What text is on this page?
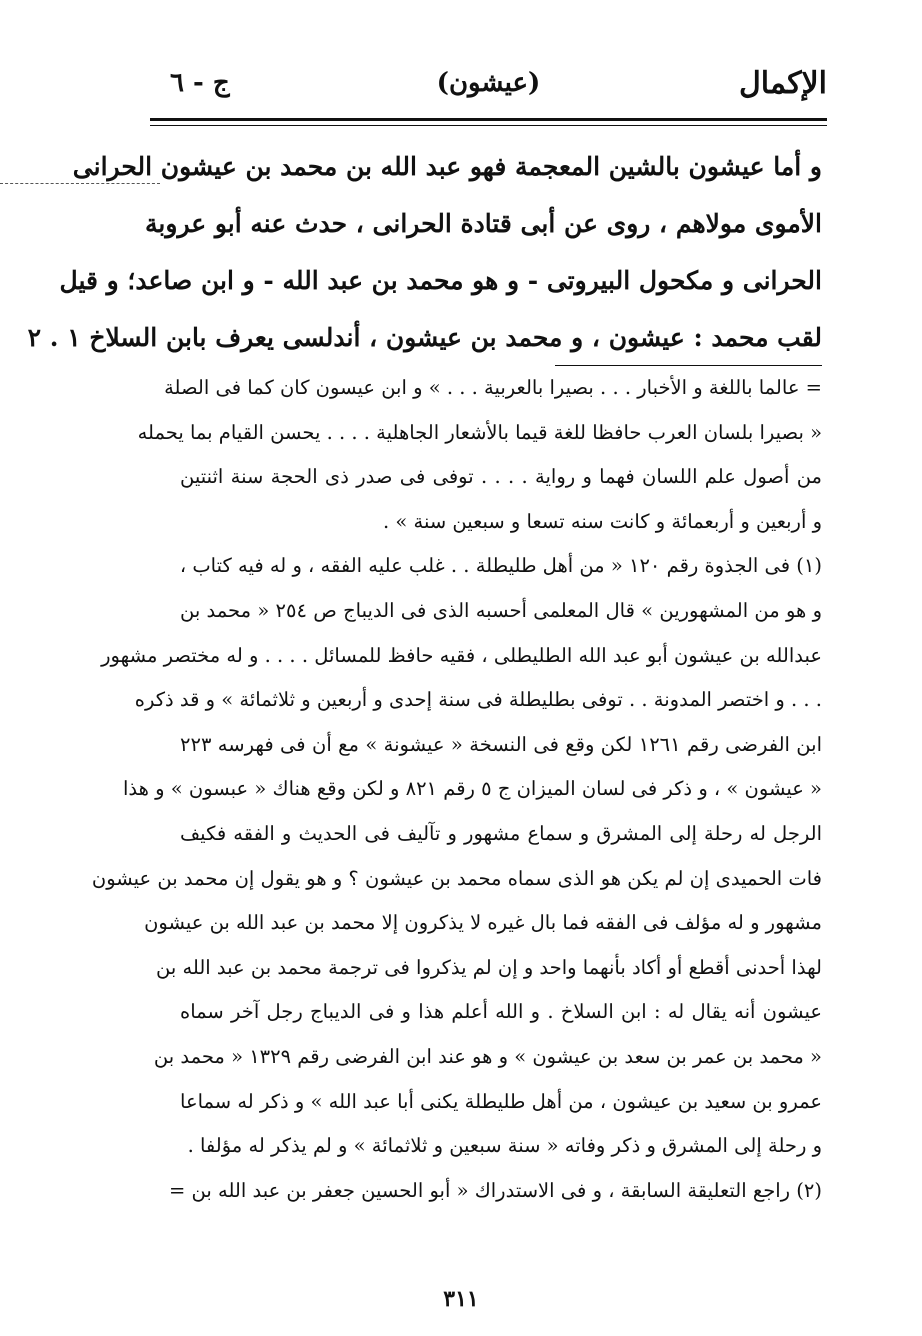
الإكمال
(عيشون)
ج - ٦
و أما عيشون بالشين المعجمة فهو عبد الله بن محمد بن عيشون الحرانى
الأموى مولاهم ، روى عن أبى قتادة الحرانى ، حدث عنه أبو عروبة
الحرانى و مكحول البيروتى - و هو محمد بن عبد الله - و ابن صاعد؛ و قيل
لقب محمد : عيشون ، و محمد بن عيشون ، أندلسى يعرف بابن السلاخ ١ . ٢
= عالما باللغة و الأخبار . . . بصيرا بالعربية . . . » و ابن عيسون كان كما فى الصلة
« بصيرا بلسان العرب حافظا للغة قيما بالأشعار الجاهلية . . . . يحسن القيام بما يحمله
من أصول علم اللسان فهما و رواية . . . . توفى فى صدر ذى الحجة سنة اثنتين
و أربعين و أربعمائة و كانت سنه تسعا و سبعين سنة » .
(١) فى الجذوة رقم ١٢٠ « من أهل طليطلة . . غلب عليه الفقه ، و له فيه كتاب ،
و هو من المشهورين » قال المعلمى أحسبه الذى فى الديباج ص ٢٥٤ « محمد بن
عبدالله بن عيشون أبو عبد الله الطليطلى ، فقيه حافظ للمسائل . . . . و له مختصر مشهور
. . . و اختصر المدونة . . توفى بطليطلة فى سنة إحدى و أربعين و ثلاثمائة » و قد ذكره
ابن الفرضى رقم ١٢٦١ لكن وقع فى النسخة « عيشونة » مع أن فى فهرسه ٢٢٣
« عيشون » ، و ذكر فى لسان الميزان ج ٥ رقم ٨٢١ و لكن وقع هناك « عبسون » و هذا
الرجل له رحلة إلى المشرق و سماع مشهور و تآليف فى الحديث و الفقه فكيف
فات الحميدى إن لم يكن هو الذى سماه محمد بن عيشون ؟ و هو يقول إن محمد بن عيشون
مشهور و له مؤلف فى الفقه فما بال غيره لا يذكرون إلا محمد بن عبد الله بن عيشون
لهذا أحدنى أقطع أو أكاد بأنهما واحد و إن لم يذكروا فى ترجمة محمد بن عبد الله بن
عيشون أنه يقال له : ابن السلاخ . و الله أعلم هذا و فى الديباج رجل آخر سماه
« محمد بن عمر بن سعد بن عيشون » و هو عند ابن الفرضى رقم ١٣٢٩ « محمد بن
عمرو بن سعيد بن عيشون ، من أهل طليطلة يكنى أبا عبد الله » و ذكر له سماعا
و رحلة إلى المشرق و ذكر وفاته « سنة سبعين و ثلاثمائة » و لم يذكر له مؤلفا .
(٢) راجع التعليقة السابقة ، و فى الاستدراك « أبو الحسين جعفر بن عبد الله بن =
٣١١
